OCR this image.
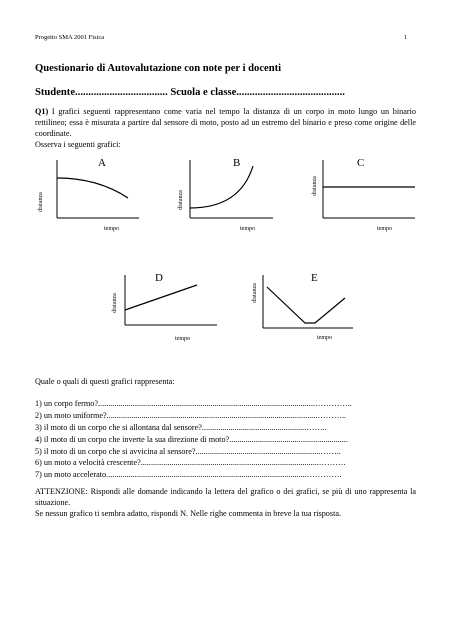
Progetto SMA 2001 Fisica	1
Questionario di Autovalutazione con note per i docenti
Studente................................... Scuola e classe.........................................
Q1) I grafici seguenti rappresentano come varia nel tempo la distanza di un corpo in moto lungo un binario rettilineo; essa è misurata a partire dal sensore di moto, posto ad un estremo del binario e preso come origine delle coordinate.
Osserva i seguenti grafici:
A
distanza
tempo
B
distanza
tempo
C
distanza
tempo
D
distanza
tempo
E
distanza
tempo
Quale o quali di questi grafici rappresenta:
1) un corpo fermo?..........................................................................................................…………..
2) un moto uniforme?.......................................................................................................………..
3) il moto di un corpo che si allontana dal sensore?...................................................……..
4) il moto di un corpo che inverte la sua direzione di moto?..........................................................
5) il moto di un corpo che si avvicina al sensore?.............................................................……..
6) un moto a velocità crescente?.......................................................................................……….
7) un moto accelerato..................................................................................................………….
ATTENZIONE: Rispondi alle domande indicando la lettera del grafico o dei grafici, se più di uno rappresenta la situazione.
Se nessun grafico ti sembra adatto, rispondi N. Nelle righe commenta in breve la tua risposta.
